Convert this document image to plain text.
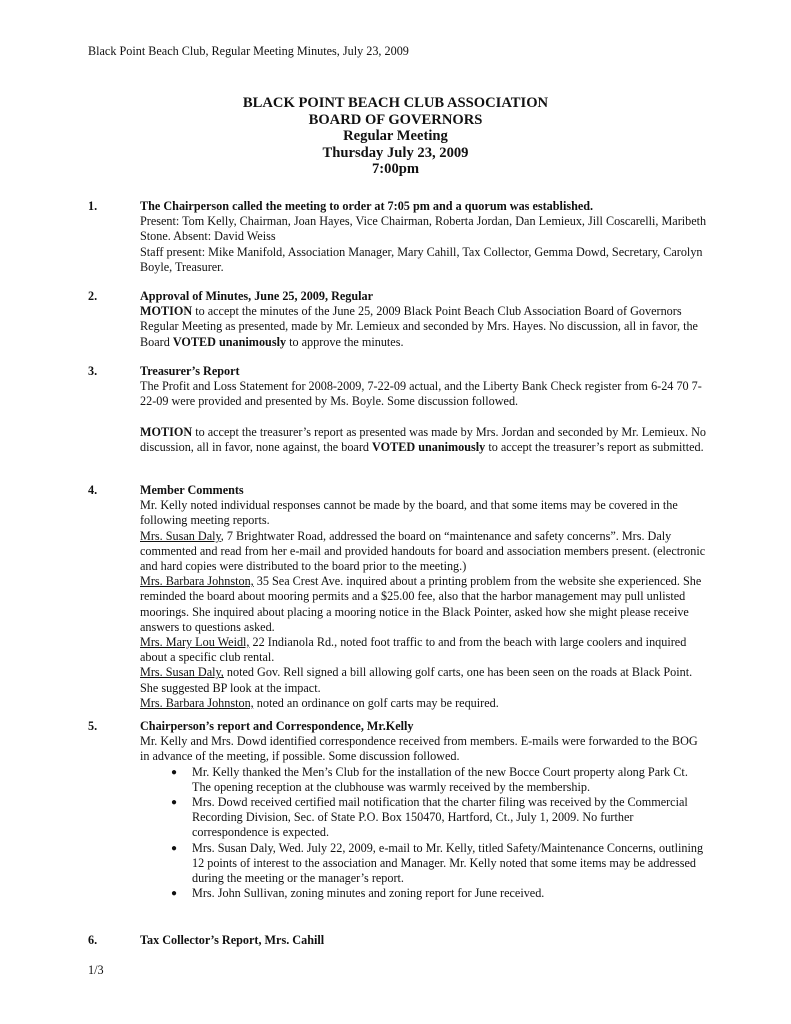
Black Point Beach Club, Regular Meeting Minutes, July 23, 2009
BLACK POINT BEACH CLUB ASSOCIATION
BOARD OF GOVERNORS
Regular Meeting
Thursday July 23, 2009
7:00pm
1.	The Chairperson called the meeting to order at 7:05 pm and a quorum was established.
Present: Tom Kelly, Chairman, Joan Hayes, Vice Chairman, Roberta Jordan, Dan Lemieux, Jill Coscarelli, Maribeth Stone. Absent: David Weiss
Staff present: Mike Manifold, Association Manager, Mary Cahill, Tax Collector, Gemma Dowd, Secretary, Carolyn Boyle, Treasurer.
2.	Approval of Minutes, June 25, 2009, Regular
MOTION to accept the minutes of the June 25, 2009 Black Point Beach Club Association Board of Governors Regular Meeting as presented, made by Mr. Lemieux and seconded by Mrs. Hayes. No discussion, all in favor, the Board VOTED unanimously to approve the minutes.
3.	Treasurer’s Report
The Profit and Loss Statement for 2008-2009, 7-22-09 actual, and the Liberty Bank Check register from 6-24 70 7-22-09 were provided and presented by Ms. Boyle. Some discussion followed.
MOTION to accept the treasurer’s report as presented was made by Mrs. Jordan and seconded by Mr. Lemieux. No discussion, all in favor, none against, the board VOTED unanimously to accept the treasurer’s report as submitted.
4.	Member Comments
Mr. Kelly noted individual responses cannot be made by the board, and that some items may be covered in the following meeting reports.
Mrs. Susan Daly, 7 Brightwater Road, addressed the board on “maintenance and safety concerns”. Mrs. Daly commented and read from her e-mail and provided handouts for board and association members present. (electronic and hard copies were distributed to the board prior to the meeting.)
Mrs. Barbara Johnston, 35 Sea Crest Ave. inquired about a printing problem from the website she experienced. She reminded the board about mooring permits and a $25.00 fee, also that the harbor management may pull unlisted moorings. She inquired about placing a mooring notice in the Black Pointer, asked how she might please receive answers to questions asked.
Mrs. Mary Lou Weidl, 22 Indianola Rd., noted foot traffic to and from the beach with large coolers and inquired about a specific club rental.
Mrs. Susan Daly, noted Gov. Rell signed a bill allowing golf carts, one has been seen on the roads at Black Point. She suggested BP look at the impact.
Mrs. Barbara Johnston, noted an ordinance on golf carts may be required.
5.	Chairperson’s report and Correspondence, Mr.Kelly
Mr. Kelly and Mrs. Dowd identified correspondence received from members. E-mails were forwarded to the BOG in advance of the meeting, if possible. Some discussion followed.
● Mr. Kelly thanked the Men’s Club for the installation of the new Bocce Court property along Park Ct. The opening reception at the clubhouse was warmly received by the membership.
● Mrs. Dowd received certified mail notification that the charter filing was received by the Commercial Recording Division, Sec. of State P.O. Box 150470, Hartford, Ct., July 1, 2009. No further correspondence is expected.
● Mrs. Susan Daly, Wed. July 22, 2009, e-mail to Mr. Kelly, titled Safety/Maintenance Concerns, outlining 12 points of interest to the association and Manager. Mr. Kelly noted that some items may be addressed during the meeting or the manager’s report.
● Mrs. John Sullivan, zoning minutes and zoning report for June received.
6.	Tax Collector’s Report, Mrs. Cahill
1/3
